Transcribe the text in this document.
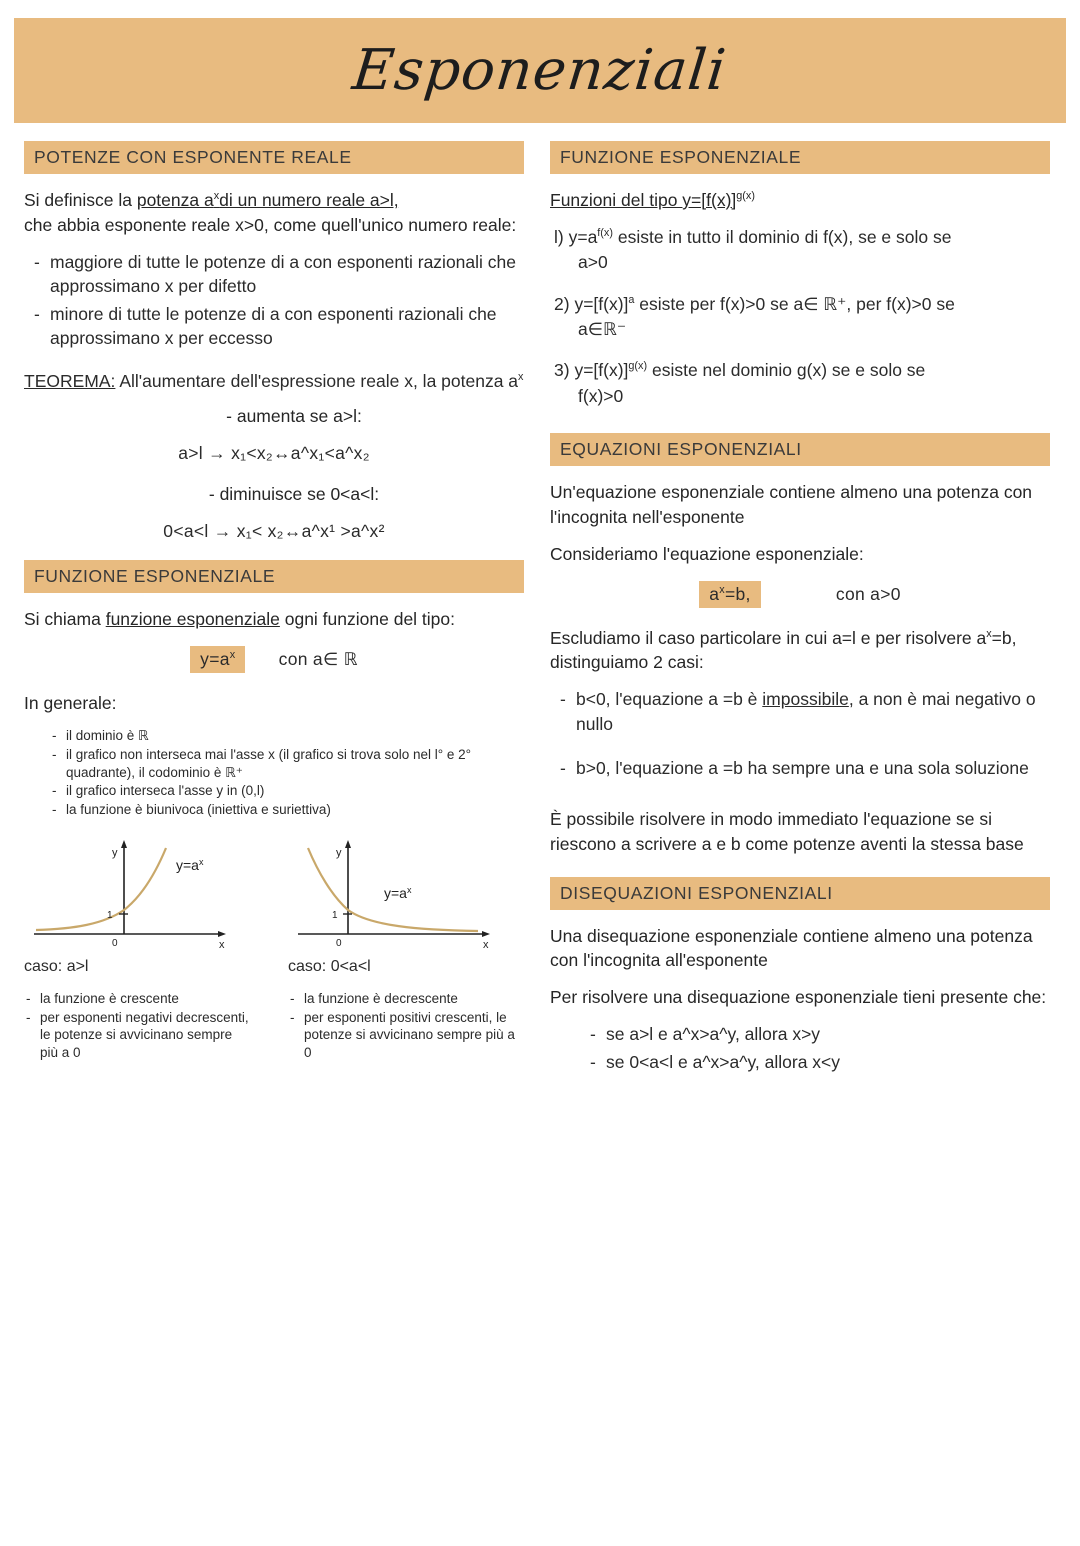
Esponenziali
POTENZE CON ESPONENTE REALE

Si definisce la potenza $a^xdi$ un numero reale a>l,
che abbia esponente reale x>0, come quell'unico numero reale:

- maggiore di tutte le potenze di a con esponenti razionali che approssimano x per difetto
- minore di tutte le potenze di a con esponenti razionali che approssimano x per eccesso
TEOREMA: All'aumentare dell'espressione reale x, la potenza $a^x$
- aumenta se a>l:
a>l → x₁<x₂↔a^x₁<a^x₂
- diminuisce se 0<a<l:
0<a<l → x₁< x₂↔a^x¹ >a^x²
FUNZIONE ESPONENZIALE

Si chiama funzione esponenziale ogni funzione del tipo:

$y=a^x$ con a∈ ℝ

In generale:

- il dominio è ℝ
- il grafico non interseca mai l'asse x (il grafico si trova solo nel l° e 2° quadrante), il codominio è ℝ⁺
- il grafico interseca l'asse y in (0,l)
- la funzione è biunivoca (iniettiva e suriettiva)
y
x
0
1
$y=a^x$
caso: a>l
- la funzione è crescente
- per esponenti negativi decrescenti, le potenze si avvicinano sempre più a 0
y
x
0
1
$y=a^x$
caso: 0<a<l
- la funzione è decrescente
- per esponenti positivi crescenti, le potenze si avvicinano sempre più a 0
FUNZIONE ESPONENZIALE

Funzioni del tipo $y=[f(x)]^{g(x)}$

l) $y=a^{f(x)}$ esiste in tutto il dominio di f(x), se e solo se
a>0
2) $y=[f(x)]^a$ esiste per f(x)>0 se a∈ ℝ⁺, per f(x)>0 se
a∈ℝ⁻
3) $y=[f(x)]^{g(x)}$ esiste nel dominio g(x) se e solo se
f(x)>0
EQUAZIONI ESPONENZIALI

Un'equazione esponenziale contiene almeno una potenza con l'incognita nell'esponente

Consideriamo l'equazione esponenziale:

$a^x=b$,	con a>0

Escludiamo il caso particolare in cui a=l e per risolvere $a^x=b$, distinguiamo 2 casi:

- b<0, l'equazione a =b è impossibile, a non è mai negativo o nullo
- b>0, l'equazione a =b ha sempre una e una sola soluzione

È possibile risolvere in modo immediato l'equazione se si riescono a scrivere a e b come potenze aventi la stessa base

DISEQUAZIONI ESPONENZIALI

Una disequazione esponenziale contiene almeno una potenza con l'incognita all'esponente

Per risolvere una disequazione esponenziale tieni presente che:

- se a>l e a^x>a^y, allora x>y
- se 0<a<l e a^x>a^y, allora x<y
